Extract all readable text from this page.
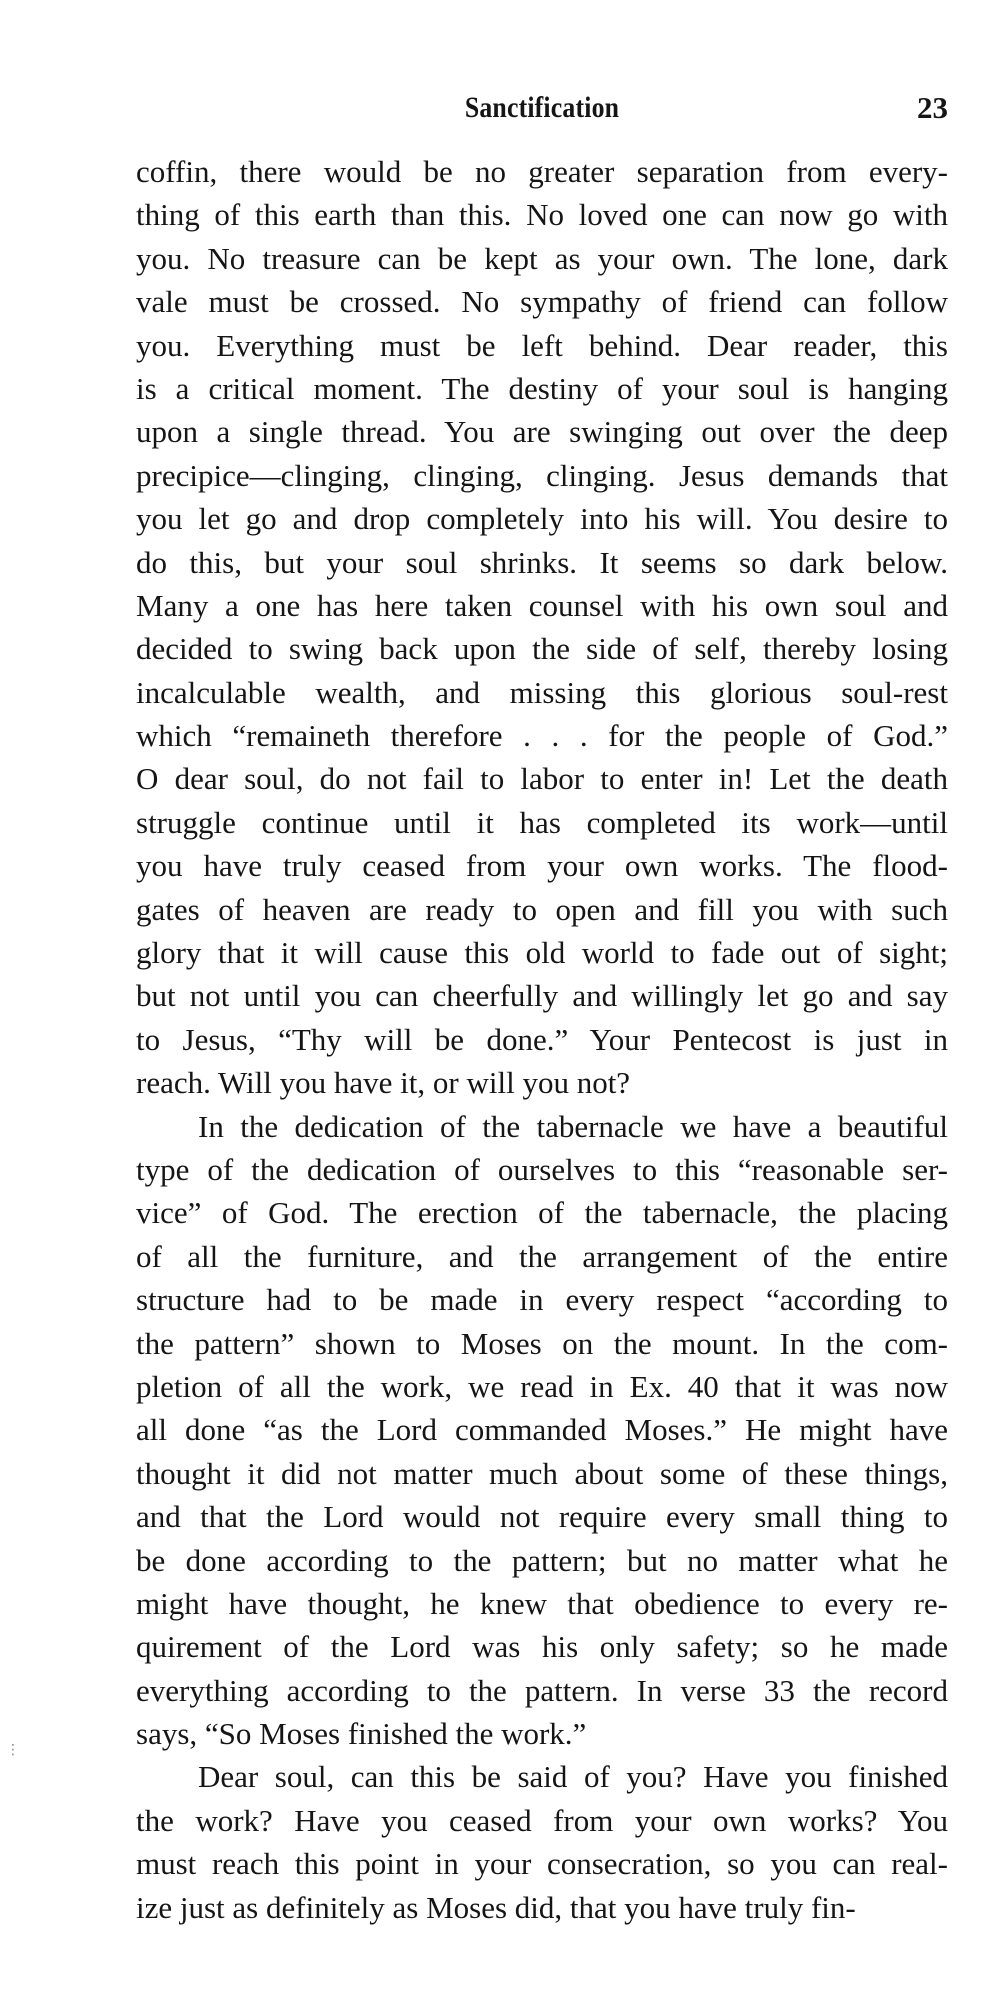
Sanctification	23
coffin, there would be no greater separation from every-
thing of this earth than this. No loved one can now go with
you. No treasure can be kept as your own. The lone, dark
vale must be crossed. No sympathy of friend can follow
you. Everything must be left behind. Dear reader, this
is a critical moment. The destiny of your soul is hanging
upon a single thread. You are swinging out over the deep
precipice—clinging, clinging, clinging. Jesus demands that
you let go and drop completely into his will. You desire to
do this, but your soul shrinks. It seems so dark below.
Many a one has here taken counsel with his own soul and
decided to swing back upon the side of self, thereby losing
incalculable wealth, and missing this glorious soul-rest
which “remaineth therefore . . . for the people of God.”
O dear soul, do not fail to labor to enter in! Let the death
struggle continue until it has completed its work—until
you have truly ceased from your own works. The flood-
gates of heaven are ready to open and fill you with such
glory that it will cause this old world to fade out of sight;
but not until you can cheerfully and willingly let go and say
to Jesus, “Thy will be done.” Your Pentecost is just in
reach. Will you have it, or will you not?
In the dedication of the tabernacle we have a beautiful
type of the dedication of ourselves to this “reasonable ser-
vice” of God. The erection of the tabernacle, the placing
of all the furniture, and the arrangement of the entire
structure had to be made in every respect “according to
the pattern” shown to Moses on the mount. In the com-
pletion of all the work, we read in Ex. 40 that it was now
all done “as the Lord commanded Moses.” He might have
thought it did not matter much about some of these things,
and that the Lord would not require every small thing to
be done according to the pattern; but no matter what he
might have thought, he knew that obedience to every re-
quirement of the Lord was his only safety; so he made
everything according to the pattern. In verse 33 the record
says, “So Moses finished the work.”
Dear soul, can this be said of you? Have you finished
the work? Have you ceased from your own works? You
must reach this point in your consecration, so you can real-
ize just as definitely as Moses did, that you have truly fin-
⋮
